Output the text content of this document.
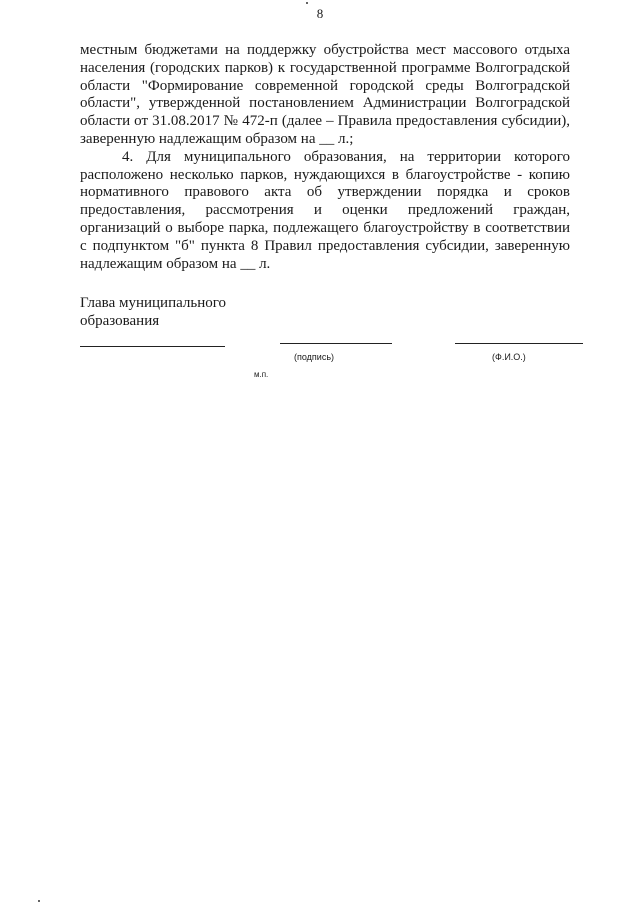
8

местным бюджетами на поддержку обустройства мест массового отдыха населения (городских парков) к государственной программе Волгоградской области "Формирование современной городской среды Волгоградской области", утвержденной постановлением Администрации Волгоградской области от 31.08.2017 № 472-п (далее – Правила предоставления субсидии), заверенную надлежащим образом на __ л.;

4. Для муниципального образования, на территории которого расположено несколько парков, нуждающихся в благоустройстве - копию нормативного правового акта об утверждении порядка и сроков предоставления, рассмотрения и оценки предложений граждан, организаций о выборе парка, подлежащего благоустройству в соответствии с подпунктом "б" пункта 8 Правил предоставления субсидии, заверенную надлежащим образом на __ л.

Глава муниципального
образования
(подпись)	(Ф.И.О.)
м.п.
